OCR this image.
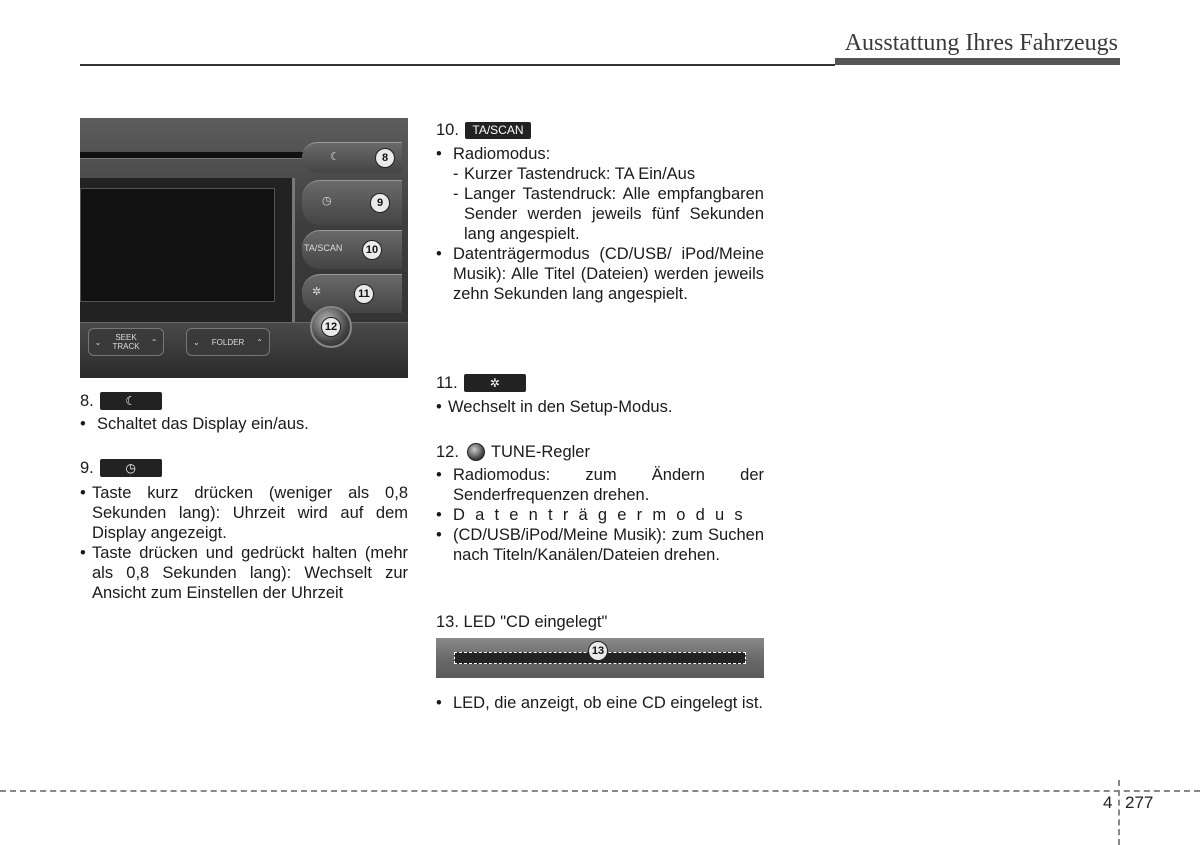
Ausstattung Ihres Fahrzeugs
☾	8
◷	9
TA/SCAN	10
✲	11
12
⌄	SEEK
TRACK ⌃	⌄ FOLDER ⌃
8.	☾
• Schaltet das Display ein/aus.
9.	◷
• Taste kurz drücken (weniger als 0,8 Sekunden lang): Uhrzeit wird auf dem Display angezeigt.
• Taste drücken und gedrückt halten (mehr als 0,8 Sekunden lang): Wechselt zur Ansicht zum Einstellen der Uhrzeit
10.	TA/SCAN
• Radiomodus:
- Kurzer Tastendruck: TA Ein/Aus
- Langer Tastendruck: Alle empfangbaren Sender werden jeweils fünf Sekunden lang angespielt.
• Datenträgermodus (CD/USB/ iPod/Meine Musik): Alle Titel (Dateien) werden jeweils zehn Sekunden lang angespielt.
11.	✲
• Wechselt in den Setup-Modus.
12. TUNE-Regler
• Radiomodus: zum Ändern der Senderfrequenzen drehen.
• Datenträgermodus
• (CD/USB/iPod/Meine Musik): zum Suchen nach Titeln/Kanälen/Dateien drehen.
13. LED "CD eingelegt"
13
• LED, die anzeigt, ob eine CD eingelegt ist.
4 277
